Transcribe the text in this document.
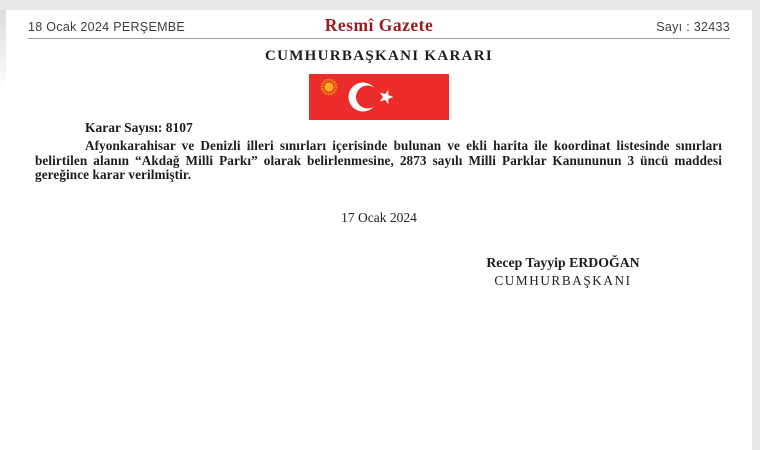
18 Ocak 2024 PERŞEMBE	Resmî Gazete	Sayı : 32433
CUMHURBAŞKANI KARARI
Karar Sayısı: 8107

Afyonkarahisar ve Denizli illeri sınırları içerisinde bulunan ve ekli harita ile koordinat listesinde sınırları belirtilen alanın “Akdağ Milli Parkı” olarak belirlenmesine, 2873 sayılı Milli Parklar Kanununun 3 üncü maddesi gereğince karar verilmiştir.

17 Ocak 2024
Recep Tayyip ERDOĞAN
CUMHURBAŞKANI
